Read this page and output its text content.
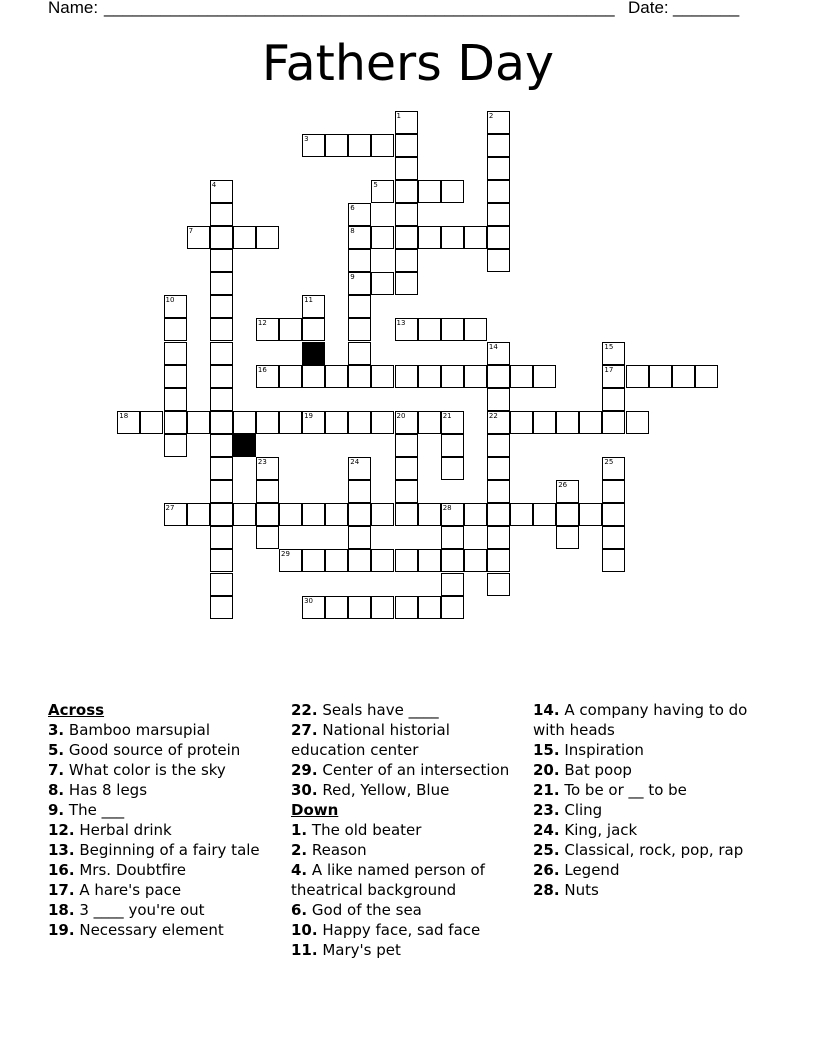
Name: ______________________________________________________ Date: _______
Fathers Day
3
5
7	8
9
12	13
16	17
18	19	20	22
27	28
29
30
1	2
4
6
10	11
14	15
21
23	24	25
26
Across
3. Bamboo marsupial
5. Good source of protein
7. What color is the sky
8. Has 8 legs
9. The ___
12. Herbal drink
13. Beginning of a fairy tale
16. Mrs. Doubtfire
17. A hare's pace
18. 3 ____ you're out
19. Necessary element
22. Seals have ____
27. National historial education center
29. Center of an intersection
30. Red, Yellow, Blue
Down
1. The old beater
2. Reason
4. A like named person of theatrical background
6. God of the sea
10. Happy face, sad face
11. Mary's pet
14. A company having to do with heads
15. Inspiration
20. Bat poop
21. To be or __ to be
23. Cling
24. King, jack
25. Classical, rock, pop, rap
26. Legend
28. Nuts
